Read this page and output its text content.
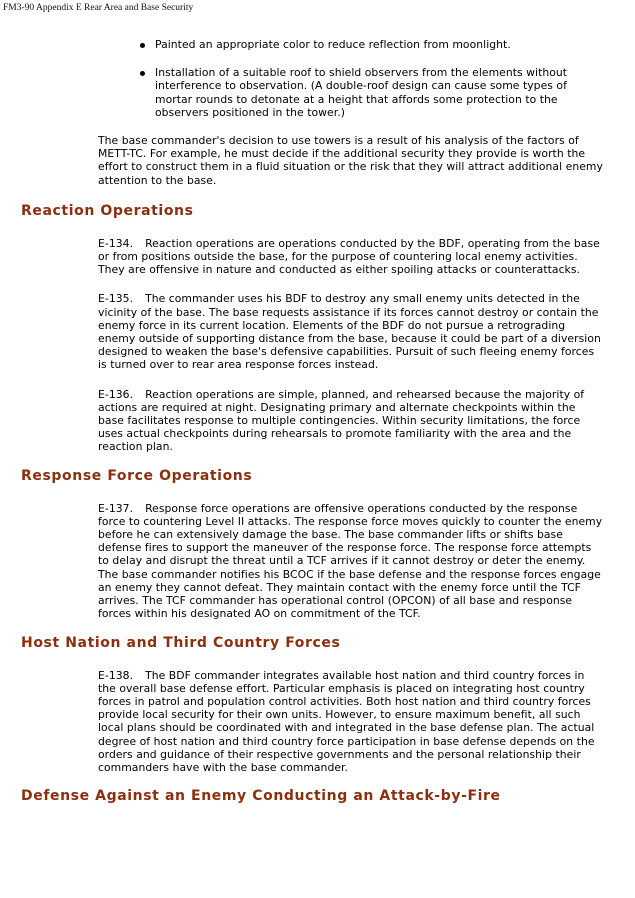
FM3-90 Appendix E Rear Area and Base Security
Painted an appropriate color to reduce reflection from moonlight.
Installation of a suitable roof to shield observers from the elements without interference to observation. (A double-roof design can cause some types of mortar rounds to detonate at a height that affords some protection to the observers positioned in the tower.)

The base commander's decision to use towers is a result of his analysis of the factors of METT-TC. For example, he must decide if the additional security they provide is worth the effort to construct them in a fluid situation or the risk that they will attract additional enemy attention to the base.

Reaction Operations

E-134. Reaction operations are operations conducted by the BDF, operating from the base or from positions outside the base, for the purpose of countering local enemy activities. They are offensive in nature and conducted as either spoiling attacks or counterattacks.

E-135. The commander uses his BDF to destroy any small enemy units detected in the vicinity of the base. The base requests assistance if its forces cannot destroy or contain the enemy force in its current location. Elements of the BDF do not pursue a retrograding enemy outside of supporting distance from the base, because it could be part of a diversion designed to weaken the base's defensive capabilities. Pursuit of such fleeing enemy forces is turned over to rear area response forces instead.

E-136. Reaction operations are simple, planned, and rehearsed because the majority of actions are required at night. Designating primary and alternate checkpoints within the base facilitates response to multiple contingencies. Within security limitations, the force uses actual checkpoints during rehearsals to promote familiarity with the area and the reaction plan.

Response Force Operations

E-137. Response force operations are offensive operations conducted by the response force to countering Level II attacks. The response force moves quickly to counter the enemy before he can extensively damage the base. The base commander lifts or shifts base defense fires to support the maneuver of the response force. The response force attempts to delay and disrupt the threat until a TCF arrives if it cannot destroy or deter the enemy. The base commander notifies his BCOC if the base defense and the response forces engage an enemy they cannot defeat. They maintain contact with the enemy force until the TCF arrives. The TCF commander has operational control (OPCON) of all base and response forces within his designated AO on commitment of the TCF.

Host Nation and Third Country Forces

E-138. The BDF commander integrates available host nation and third country forces in the overall base defense effort. Particular emphasis is placed on integrating host country forces in patrol and population control activities. Both host nation and third country forces provide local security for their own units. However, to ensure maximum benefit, all such local plans should be coordinated with and integrated in the base defense plan. The actual degree of host nation and third country force participation in base defense depends on the orders and guidance of their respective governments and the personal relationship their commanders have with the base commander.

Defense Against an Enemy Conducting an Attack-by-Fire
